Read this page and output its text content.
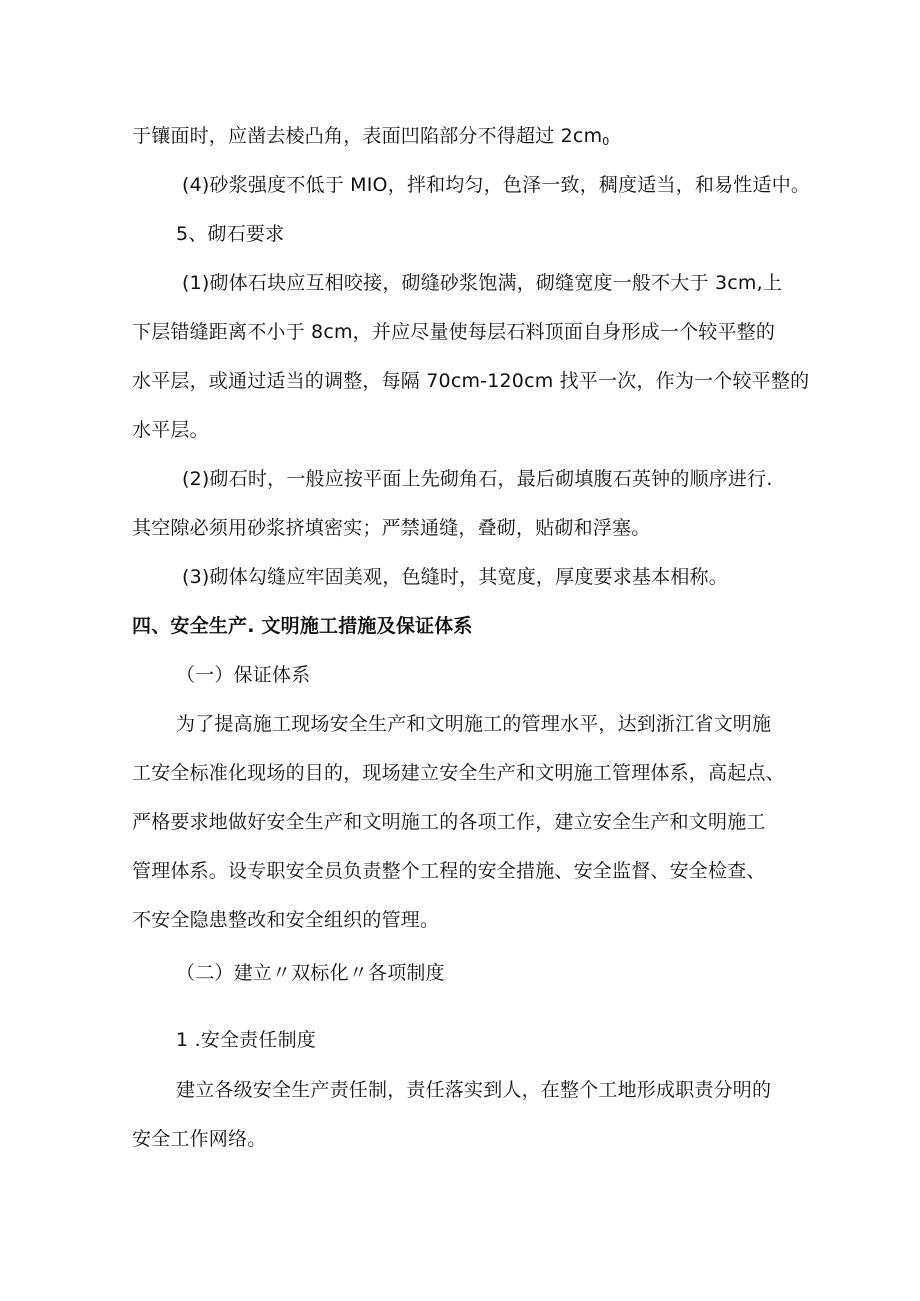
于镶面时，应凿去棱凸角，表面凹陷部分不得超过 $2cm_0$
(4)砂浆强度不低于 MIO，拌和均匀，色泽一致，稠度适当，和易性适中。
5、砌石要求
(1)砌体石块应互相咬接，砌缝砂浆饱满，砌缝宽度一般不大于 3cm,上
下层错缝距离不小于 8cm，并应尽量使每层石料顶面自身形成一个较平整的
水平层，或通过适当的调整，每隔 70cm-120cm 找平一次，作为一个较平整的
水平层。
(2)砌石时，一般应按平面上先砌角石，最后砌填腹石英钟的顺序进行.
其空隙必须用砂浆挤填密实；严禁通缝，叠砌，贴砌和浮塞。
(3)砌体勾缝应牢固美观，色缝时，其宽度，厚度要求基本相称。
四、安全生产. 文明施工措施及保证体系
（一）保证体系
为了提高施工现场安全生产和文明施工的管理水平，达到浙江省文明施
工安全标准化现场的目的，现场建立安全生产和文明施工管理体系，高起点、
严格要求地做好安全生产和文明施工的各项工作，建立安全生产和文明施工
管理体系。设专职安全员负责整个工程的安全措施、安全监督、安全检查、
不安全隐患整改和安全组织的管理。
（二）建立〃双标化〃各项制度
1 .安全责任制度
建立各级安全生产责任制，责任落实到人，在整个工地形成职责分明的
安全工作网络。
